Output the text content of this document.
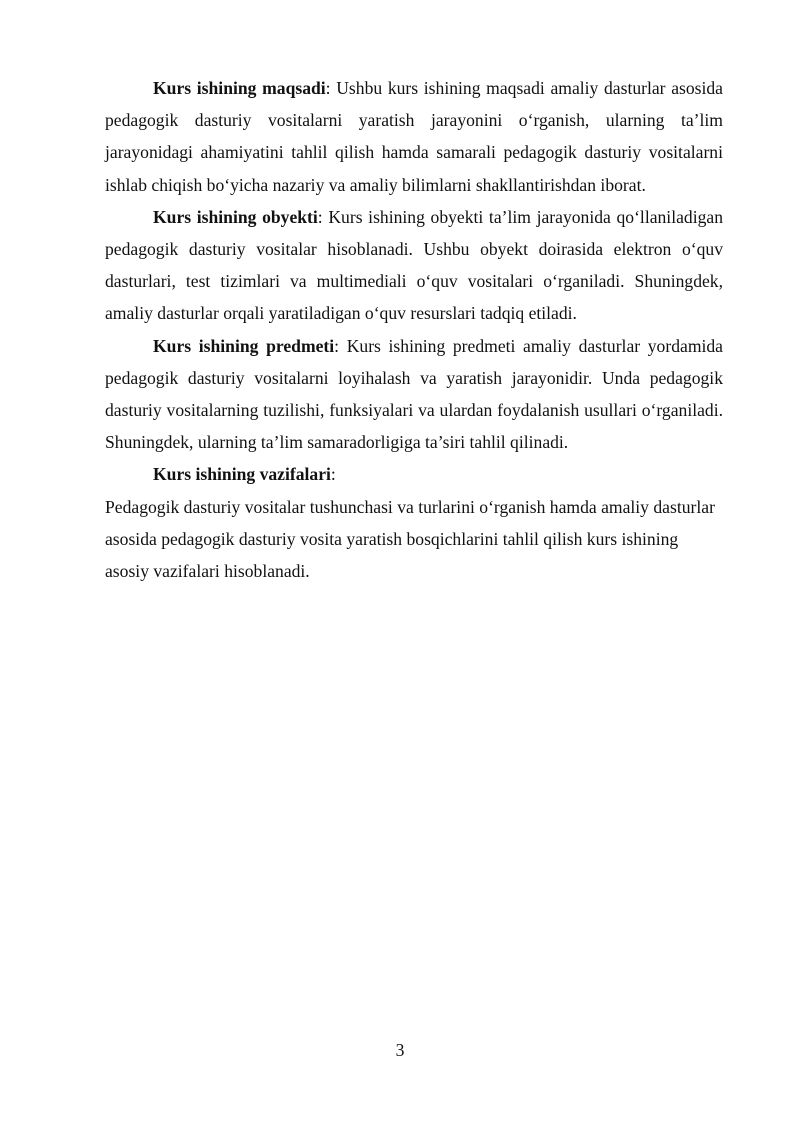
Kurs ishining maqsadi: Ushbu kurs ishining maqsadi amaliy dasturlar asosida pedagogik dasturiy vositalarni yaratish jarayonini o‘rganish, ularning ta’lim jarayonidagi ahamiyatini tahlil qilish hamda samarali pedagogik dasturiy vositalarni ishlab chiqish bo‘yicha nazariy va amaliy bilimlarni shakllantirishdan iborat.

Kurs ishining obyekti: Kurs ishining obyekti ta’lim jarayonida qo‘llaniladigan pedagogik dasturiy vositalar hisoblanadi. Ushbu obyekt doirasida elektron o‘quv dasturlari, test tizimlari va multimediali o‘quv vositalari o‘rganiladi. Shuningdek, amaliy dasturlar orqali yaratiladigan o‘quv resurslari tadqiq etiladi.

Kurs ishining predmeti: Kurs ishining predmeti amaliy dasturlar yordamida pedagogik dasturiy vositalarni loyihalash va yaratish jarayonidir. Unda pedagogik dasturiy vositalarning tuzilishi, funksiyalari va ulardan foydalanish usullari o‘rganiladi. Shuningdek, ularning ta’lim samaradorligiga ta’siri tahlil qilinadi.

Kurs ishining vazifalari:

Pedagogik dasturiy vositalar tushunchasi va turlarini o‘rganish hamda amaliy dasturlar asosida pedagogik dasturiy vosita yaratish bosqichlarini tahlil qilish kurs ishining asosiy vazifalari hisoblanadi.

3
